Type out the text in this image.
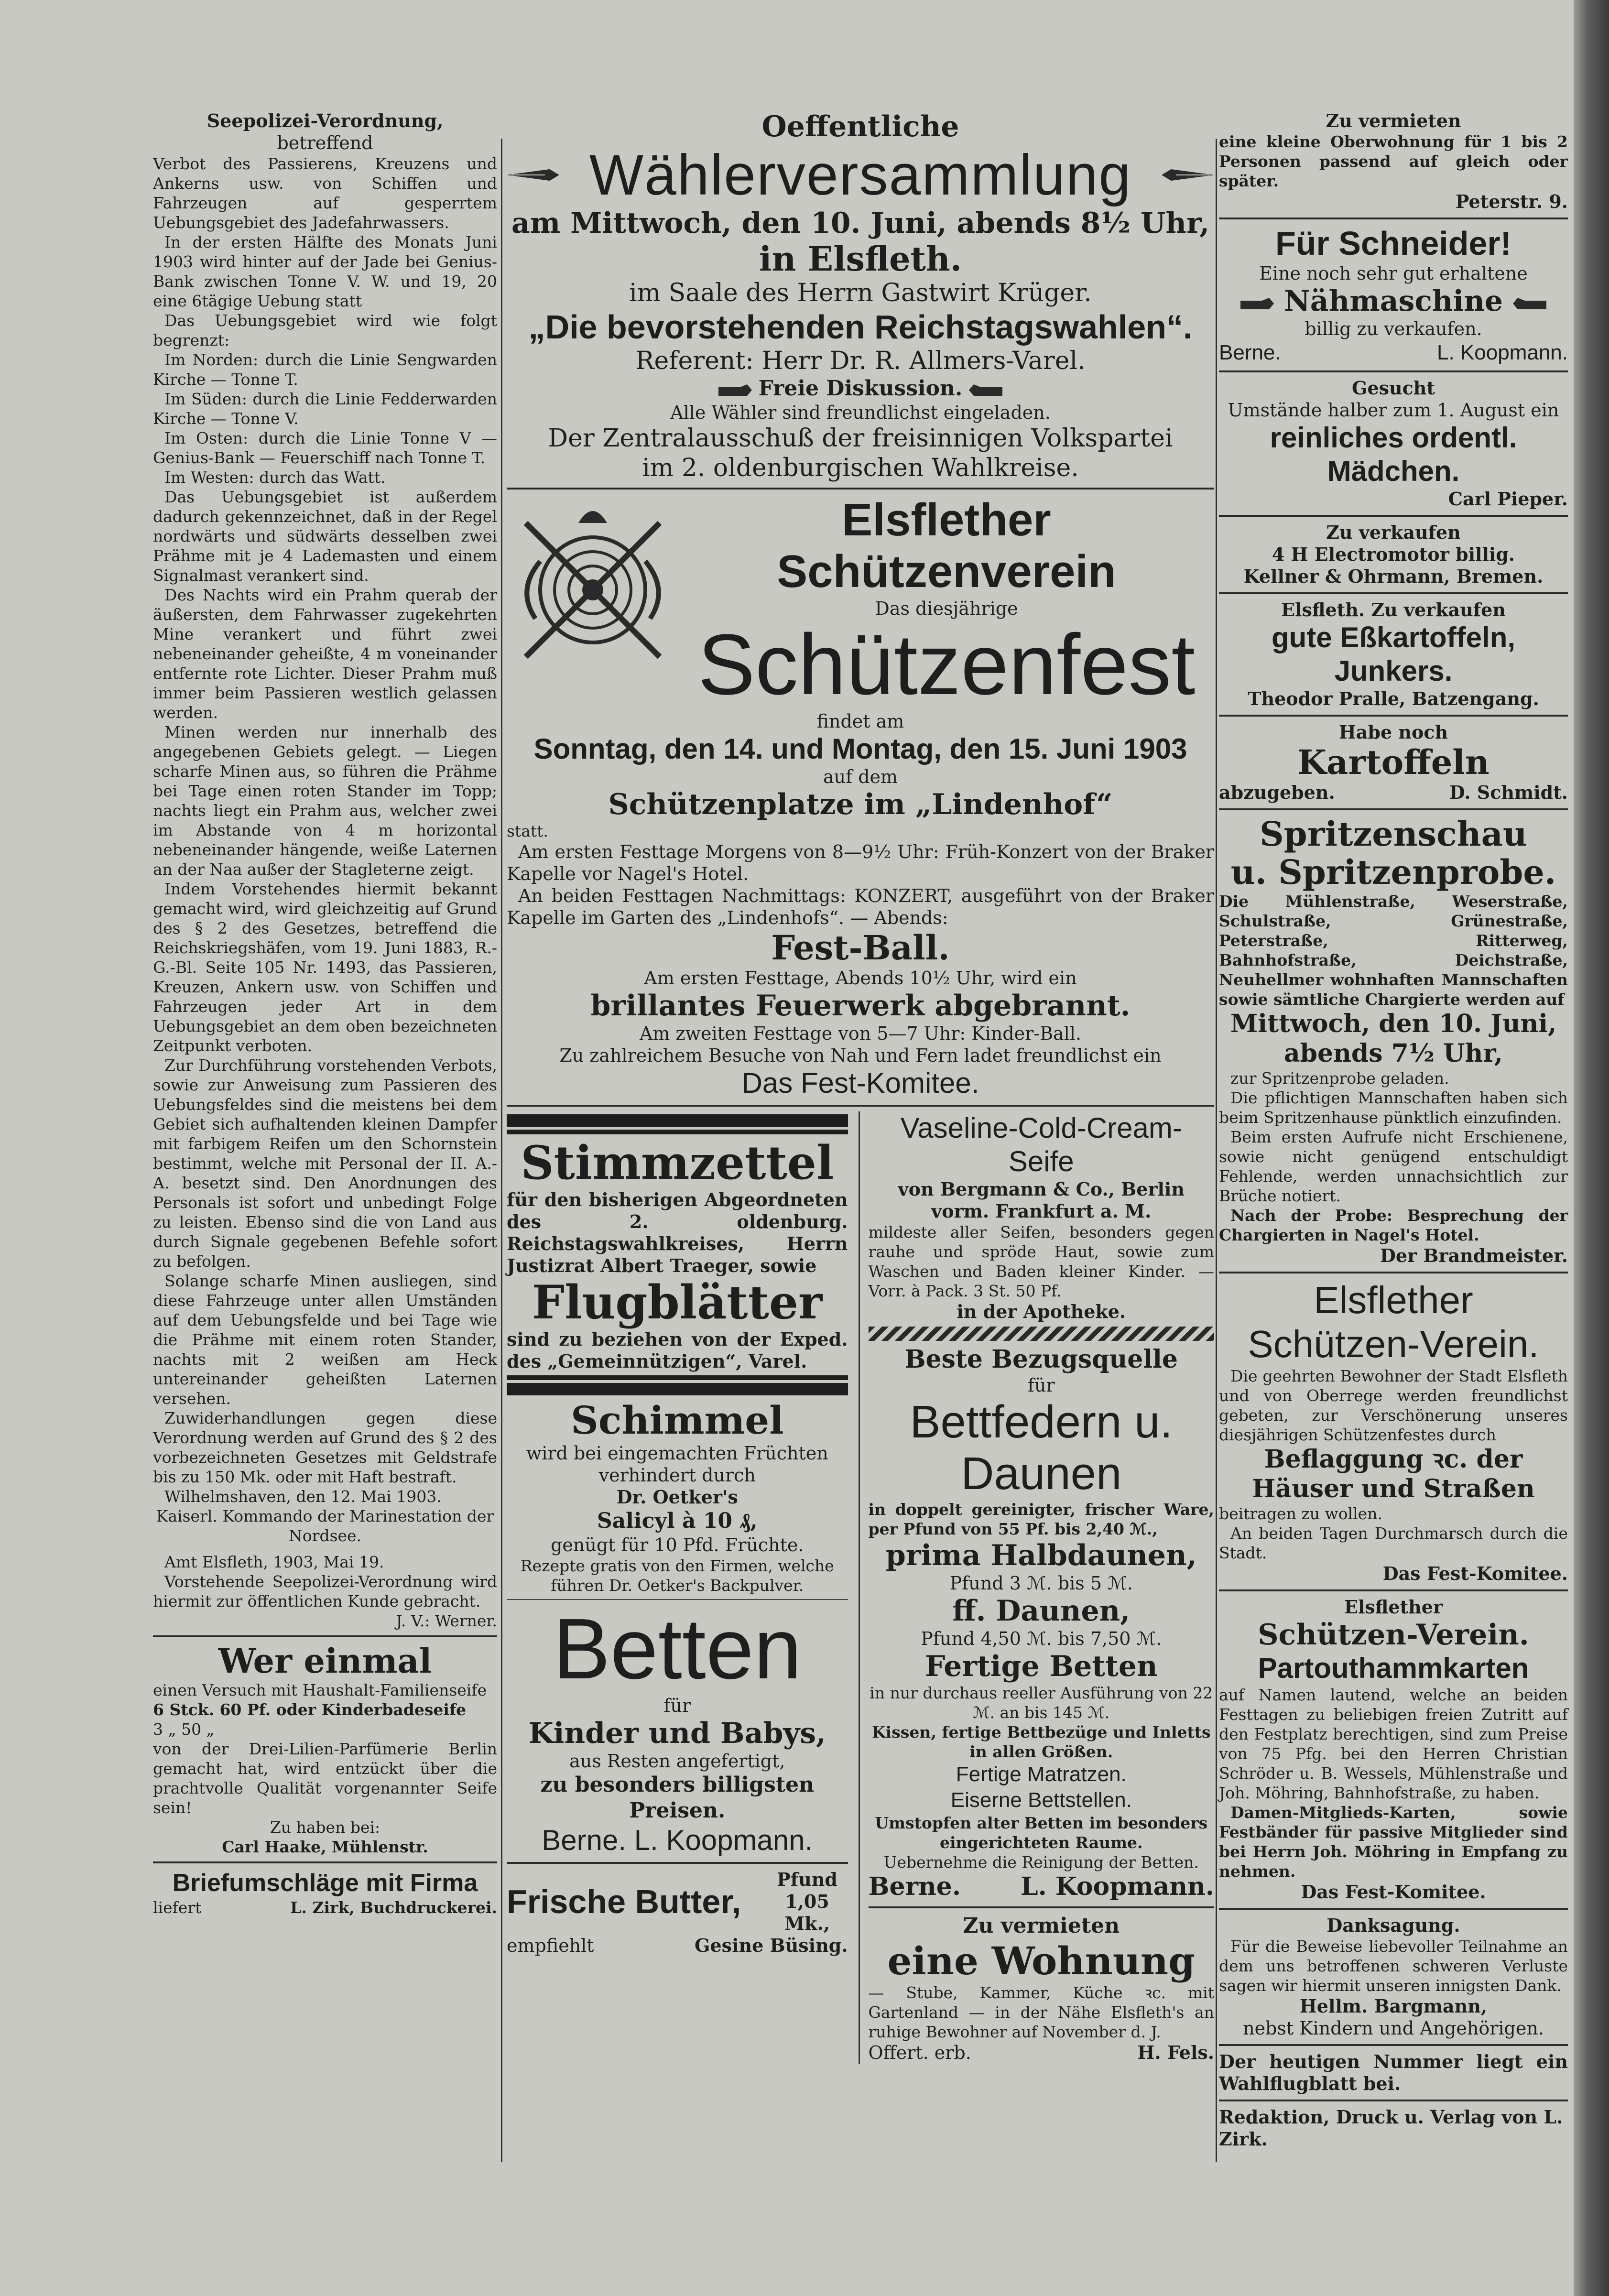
Seepolizei-Verordnung,
betreffend

Verbot des Passierens, Kreuzens und Ankerns usw. von Schiffen und Fahrzeugen auf gesperrtem Uebungsgebiet des Jadefahrwassers.

In der ersten Hälfte des Monats Juni 1903 wird hinter auf der Jade bei Genius-Bank zwischen Tonne V. W. und 19, 20 eine 6tägige Uebung statt

Das Uebungsgebiet wird wie folgt begrenzt:

Im Norden: durch die Linie Sengwarden Kirche — Tonne T.

Im Süden: durch die Linie Fedderwarden Kirche — Tonne V.

Im Osten: durch die Linie Tonne V — Genius-Bank — Feuerschiff nach Tonne T.

Im Westen: durch das Watt.

Das Uebungsgebiet ist außerdem dadurch gekennzeichnet, daß in der Regel nordwärts und südwärts desselben zwei Prähme mit je 4 Lademasten und einem Signalmast verankert sind.

Des Nachts wird ein Prahm querab der äußersten, dem Fahrwasser zugekehrten Mine verankert und führt zwei nebeneinander geheißte, 4 m voneinander entfernte rote Lichter. Dieser Prahm muß immer beim Passieren westlich gelassen werden.

Minen werden nur innerhalb des angegebenen Gebiets gelegt. — Liegen scharfe Minen aus, so führen die Prähme bei Tage einen roten Stander im Topp; nachts liegt ein Prahm aus, welcher zwei im Abstande von 4 m horizontal nebeneinander hängende, weiße Laternen an der Naa außer der Stagleterne zeigt.

Indem Vorstehendes hiermit bekannt gemacht wird, wird gleichzeitig auf Grund des § 2 des Gesetzes, betreffend die Reichskriegshäfen, vom 19. Juni 1883, R.-G.-Bl. Seite 105 Nr. 1493, das Passieren, Kreuzen, Ankern usw. von Schiffen und Fahrzeugen jeder Art in dem Uebungsgebiet an dem oben bezeichneten Zeitpunkt verboten.

Zur Durchführung vorstehenden Verbots, sowie zur Anweisung zum Passieren des Uebungsfeldes sind die meistens bei dem Gebiet sich aufhaltenden kleinen Dampfer mit farbigem Reifen um den Schornstein bestimmt, welche mit Personal der II. A.-A. besetzt sind. Den Anordnungen des Personals ist sofort und unbedingt Folge zu leisten. Ebenso sind die von Land aus durch Signale gegebenen Befehle sofort zu befolgen.

Solange scharfe Minen ausliegen, sind diese Fahrzeuge unter allen Umständen auf dem Uebungsfelde und bei Tage wie die Prähme mit einem roten Stander, nachts mit 2 weißen am Heck untereinander geheißten Laternen versehen.

Zuwiderhandlungen gegen diese Verordnung werden auf Grund des § 2 des vorbezeichneten Gesetzes mit Geldstrafe bis zu 150 Mk. oder mit Haft bestraft.

Wilhelmshaven, den 12. Mai 1903.

Kaiserl. Kommando der Marinestation der Nordsee.

Amt Elsfleth, 1903, Mai 19.

Vorstehende Seepolizei-Verordnung wird hiermit zur öffentlichen Kunde gebracht.

J. V.: Werner.

Wer einmal

einen Versuch mit Haushalt-Familienseife

6 Stck. 60 Pf. oder Kinderbadeseife

3 „ 50 „

von der Drei-Lilien-Parfümerie Berlin gemacht hat, wird entzückt über die prachtvolle Qualität vorgenannter Seife sein!

Zu haben bei:

Carl Haake, Mühlenstr.

Briefumschläge mit Firma
liefert	L. Zirk, Buchdruckerei.
Oeffentliche
Wählerversammlung
am Mittwoch, den 10. Juni, abends 8½ Uhr,
in Elsfleth.
im Saale des Herrn Gastwirt Krüger.
„Die bevorstehenden Reichstagswahlen“.
Referent: Herr Dr. R. Allmers-Varel.
Freie Diskussion.
Alle Wähler sind freundlichst eingeladen.
Der Zentralausschuß der freisinnigen Volkspartei
im 2. oldenburgischen Wahlkreise.
Elsflether Schützenverein
Das diesjährige
Schützenfest
findet am
Sonntag, den 14. und Montag, den 15. Juni 1903
auf dem
Schützenplatze im „Lindenhof“

statt.

Am ersten Festtage Morgens von 8—9½ Uhr: Früh-Konzert von der Braker Kapelle vor Nagel's Hotel.

An beiden Festtagen Nachmittags: KONZERT, ausgeführt von der Braker Kapelle im Garten des „Lindenhofs“. — Abends:

Fest-Ball.

Am ersten Festtage, Abends 10½ Uhr, wird ein

brillantes Feuerwerk abgebrannt.

Am zweiten Festtage von 5—7 Uhr: Kinder-Ball.

Zu zahlreichem Besuche von Nah und Fern ladet freundlichst ein

Das Fest-Komitee.
Stimmzettel

für den bisherigen Abgeordneten des 2. oldenburg. Reichstagswahlkreises, Herrn Justizrat Albert Traeger, sowie

Flugblätter

sind zu beziehen von der Exped. des „Gemeinnützigen“, Varel.

Schimmel
wird bei eingemachten Früchten verhindert durch
Dr. Oetker's
Salicyl à 10 ₰,
genügt für 10 Pfd. Früchte.

Rezepte gratis von den Firmen, welche führen Dr. Oetker's Backpulver.

Betten
für
Kinder und Babys,
aus Resten angefertigt,
zu besonders billigsten Preisen.
Berne. L. Koopmann.
Frische Butter,
Pfund 1,05 Mk.,
empfiehlt	Gesine Büsing.
Vaseline-Cold-Cream-Seife
von Bergmann & Co., Berlin vorm. Frankfurt a. M.

mildeste aller Seifen, besonders gegen rauhe und spröde Haut, sowie zum Waschen und Baden kleiner Kinder. — Vorr. à Pack. 3 St. 50 Pf.

in der Apotheke.
Beste Bezugsquelle
für
Bettfedern u. Daunen

in doppelt gereinigter, frischer Ware, per Pfund von 55 Pf. bis 2,40 ℳ.,

prima Halbdaunen,
Pfund 3 ℳ. bis 5 ℳ.
ff. Daunen,
Pfund 4,50 ℳ. bis 7,50 ℳ.
Fertige Betten

in nur durchaus reeller Ausführung von 22 ℳ. an bis 145 ℳ.

Kissen, fertige Bettbezüge und Inletts in allen Größen.

Fertige Matratzen.
Eiserne Bettstellen.

Umstopfen alter Betten im besonders eingerichteten Raume.

Uebernehme die Reinigung der Betten.

Berne. L. Koopmann.
Zu vermieten
eine Wohnung

— Stube, Kammer, Küche ꝛc. mit Gartenland — in der Nähe Elsfleth's an ruhige Bewohner auf November d. J.

Offert. erb.	H. Fels.
Zu vermieten

eine kleine Oberwohnung für 1 bis 2 Personen passend auf gleich oder später.

Peterstr. 9.
Für Schneider!
Eine noch sehr gut erhaltene
Nähmaschine
billig zu verkaufen.
Berne.	L. Koopmann.
Gesucht
Umstände halber zum 1. August ein
reinliches ordentl. Mädchen.
Carl Pieper.
Zu verkaufen
4 H Electromotor billig.
Kellner & Ohrmann, Bremen.
Elsfleth. Zu verkaufen
gute Eßkartoffeln, Junkers.
Theodor Pralle, Batzengang.
Habe noch
Kartoffeln
abzugeben.	D. Schmidt.
Spritzenschau
u. Spritzenprobe.

Die Mühlenstraße, Weserstraße, Schulstraße, Grünestraße, Peterstraße, Ritterweg, Bahnhofstraße, Deichstraße, Neuhellmer wohnhaften Mannschaften sowie sämtliche Chargierte werden auf

Mittwoch, den 10. Juni,
abends 7½ Uhr,

zur Spritzenprobe geladen.

Die pflichtigen Mannschaften haben sich beim Spritzenhause pünktlich einzufinden.

Beim ersten Aufrufe nicht Erschienene, sowie nicht genügend entschuldigt Fehlende, werden unnachsichtlich zur Brüche notiert.

Nach der Probe: Besprechung der Chargierten in Nagel's Hotel.

Der Brandmeister.
Elsflether
Schützen-Verein.

Die geehrten Bewohner der Stadt Elsfleth und von Oberrege werden freundlichst gebeten, zur Verschönerung unseres diesjährigen Schützenfestes durch

Beflaggung ꝛc. der Häuser und Straßen

beitragen zu wollen.

An beiden Tagen Durchmarsch durch die Stadt.

Das Fest-Komitee.
Elsflether
Schützen-Verein.
Partouthammkarten

auf Namen lautend, welche an beiden Festtagen zu beliebigen freien Zutritt auf den Festplatz berechtigen, sind zum Preise von 75 Pfg. bei den Herren Christian Schröder u. B. Wessels, Mühlenstraße und Joh. Möhring, Bahnhofstraße, zu haben.

Damen-Mitglieds-Karten, sowie Festbänder für passive Mitglieder sind bei Herrn Joh. Möhring in Empfang zu nehmen.

Das Fest-Komitee.
Danksagung.

Für die Beweise liebevoller Teilnahme an dem uns betroffenen schweren Verluste sagen wir hiermit unseren innigsten Dank.

Hellm. Bargmann,
nebst Kindern und Angehörigen.

Der heutigen Nummer liegt ein Wahlflugblatt bei.

Redaktion, Druck u. Verlag von L. Zirk.
